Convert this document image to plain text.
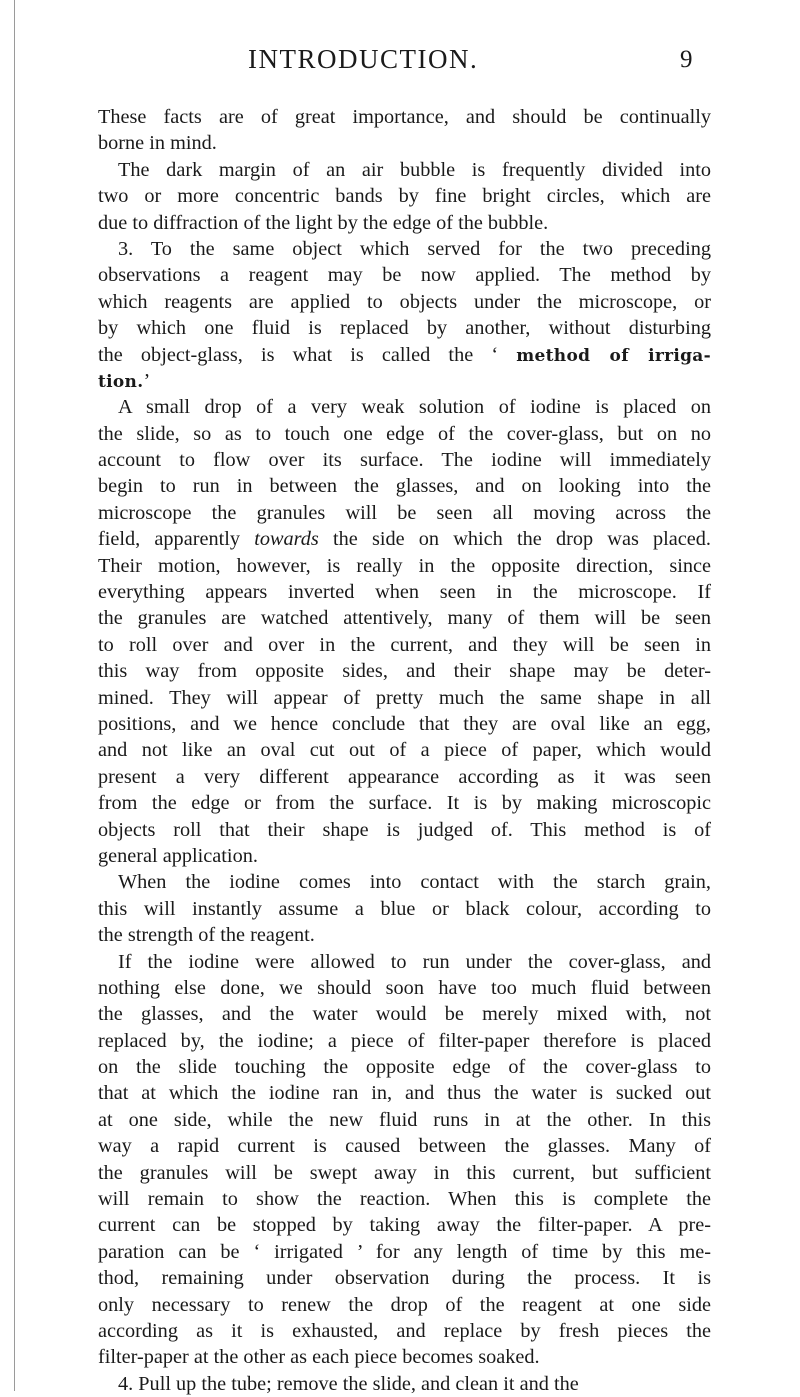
INTRODUCTION.	9
These facts are of great importance, and should be continually
borne in mind.
The dark margin of an air bubble is frequently divided into
two or more concentric bands by fine bright circles, which are
due to diffraction of the light by the edge of the bubble.
3. To the same object which served for the two preceding
observations a reagent may be now applied. The method by
which reagents are applied to objects under the microscope, or
by which one fluid is replaced by another, without disturbing
the object-glass, is what is called the ‘ method of irriga-
tion.’
A small drop of a very weak solution of iodine is placed on
the slide, so as to touch one edge of the cover-glass, but on no
account to flow over its surface. The iodine will immediately
begin to run in between the glasses, and on looking into the
microscope the granules will be seen all moving across the
field, apparently towards the side on which the drop was placed.
Their motion, however, is really in the opposite direction, since
everything appears inverted when seen in the microscope. If
the granules are watched attentively, many of them will be seen
to roll over and over in the current, and they will be seen in
this way from opposite sides, and their shape may be deter-
mined. They will appear of pretty much the same shape in all
positions, and we hence conclude that they are oval like an egg,
and not like an oval cut out of a piece of paper, which would
present a very different appearance according as it was seen
from the edge or from the surface. It is by making microscopic
objects roll that their shape is judged of. This method is of
general application.
When the iodine comes into contact with the starch grain,
this will instantly assume a blue or black colour, according to
the strength of the reagent.
If the iodine were allowed to run under the cover-glass, and
nothing else done, we should soon have too much fluid between
the glasses, and the water would be merely mixed with, not
replaced by, the iodine; a piece of filter-paper therefore is placed
on the slide touching the opposite edge of the cover-glass to
that at which the iodine ran in, and thus the water is sucked out
at one side, while the new fluid runs in at the other. In this
way a rapid current is caused between the glasses. Many of
the granules will be swept away in this current, but sufficient
will remain to show the reaction. When this is complete the
current can be stopped by taking away the filter-paper. A pre-
paration can be ‘ irrigated ’ for any length of time by this me-
thod, remaining under observation during the process. It is
only necessary to renew the drop of the reagent at one side
according as it is exhausted, and replace by fresh pieces the
filter-paper at the other as each piece becomes soaked.
4. Pull up the tube; remove the slide, and clean it and the
